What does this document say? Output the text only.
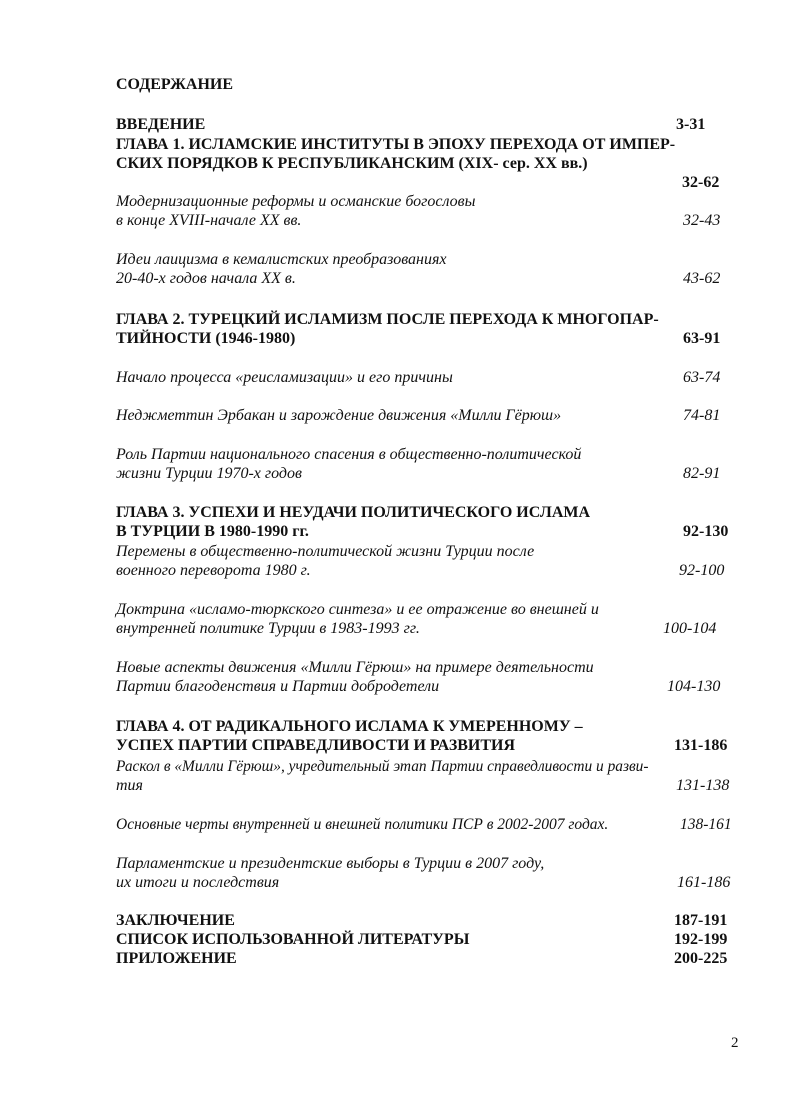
СОДЕРЖАНИЕ
ВВЕДЕНИЕ	3-31
ГЛАВА 1. ИСЛАМСКИЕ ИНСТИТУТЫ В ЭПОХУ ПЕРЕХОДА ОТ ИМПЕР-
СКИХ ПОРЯДКОВ К РЕСПУБЛИКАНСКИМ (XIX- сер. XX вв.)
32-62
Модернизационные реформы и османские богословы
в конце XVIII-начале XX вв.	32-43
Идеи лаицизма в кемалистских преобразованиях
20-40-х годов начала XX в.	43-62
ГЛАВА 2. ТУРЕЦКИЙ ИСЛАМИЗМ ПОСЛЕ ПЕРЕХОДА К МНОГОПАР-
ТИЙНОСТИ (1946-1980)	63-91
Начало процесса «реисламизации» и его причины	63-74
Неджметтин Эрбакан и зарождение движения «Милли Гёрюш»	74-81
Роль Партии национального спасения в общественно-политической
жизни Турции 1970-х годов	82-91
ГЛАВА 3. УСПЕХИ И НЕУДАЧИ ПОЛИТИЧЕСКОГО ИСЛАМА
В ТУРЦИИ В 1980-1990 гг.	92-130
Перемены в общественно-политической жизни Турции после
военного переворота 1980 г.	92-100
Доктрина «исламо-тюркского синтеза» и ее отражение во внешней и
внутренней политике Турции в 1983-1993 гг.	100-104
Новые аспекты движения «Милли Гёрюш» на примере деятельности
Партии благоденствия и Партии добродетели	104-130
ГЛАВА 4. ОТ РАДИКАЛЬНОГО ИСЛАМА К УМЕРЕННОМУ –
УСПЕХ ПАРТИИ СПРАВЕДЛИВОСТИ И РАЗВИТИЯ	131-186
Раскол в «Милли Гёрюш», учредительный этап Партии справедливости и разви-
тия	131-138
Основные черты внутренней и внешней политики ПСР в 2002-2007 годах.	138-161
Парламентские и президентские выборы в Турции в 2007 году,
их итоги и последствия	161-186
ЗАКЛЮЧЕНИЕ	187-191
СПИСОК ИСПОЛЬЗОВАННОЙ ЛИТЕРАТУРЫ	192-199
ПРИЛОЖЕНИЕ	200-225
2
